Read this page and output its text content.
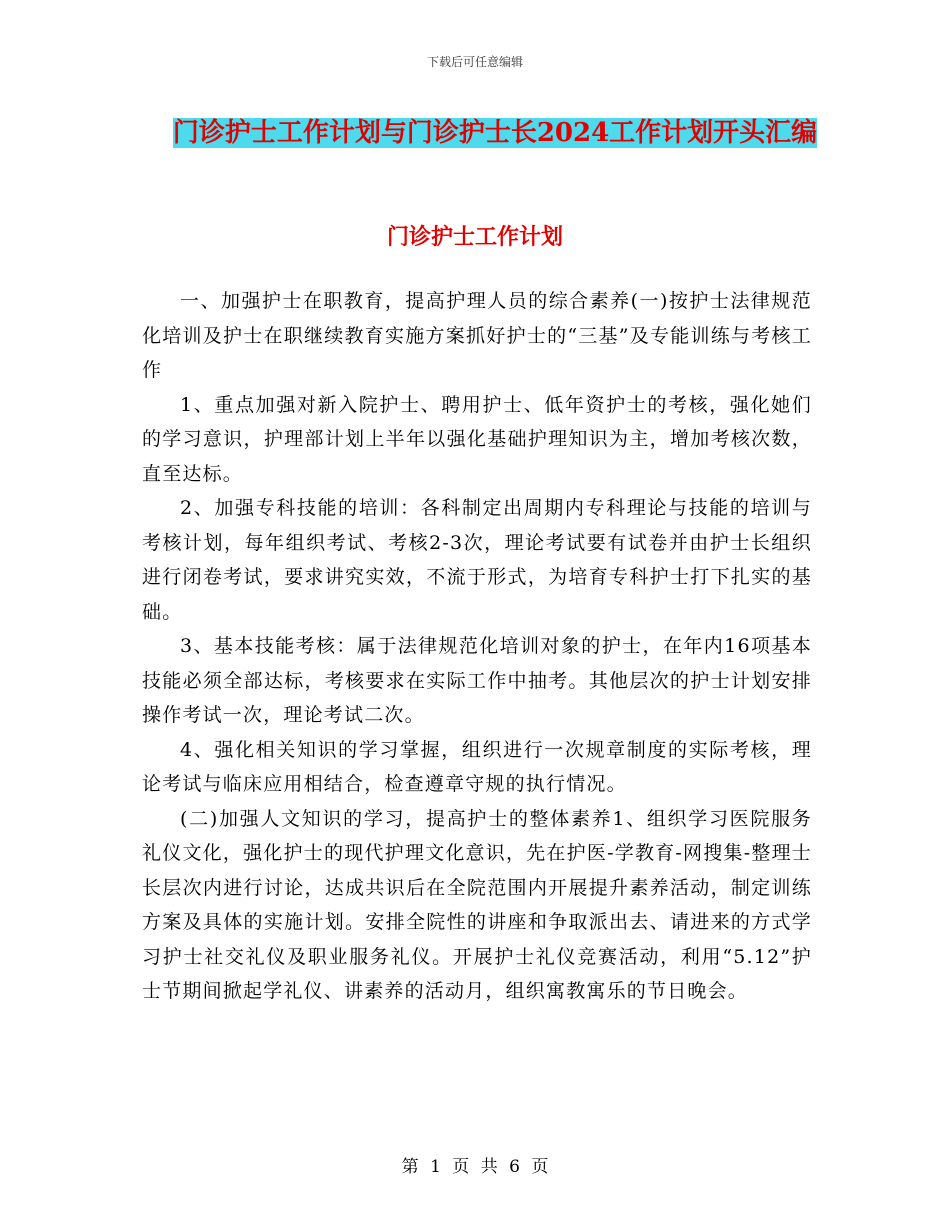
下载后可任意编辑
门诊护士工作计划与门诊护士长2024工作计划开头汇编
门诊护士工作计划

一、加强护士在职教育，提高护理人员的综合素养(一)按护士法律规范化培训及护士在职继续教育实施方案抓好护士的“三基”及专能训练与考核工作

1、重点加强对新入院护士、聘用护士、低年资护士的考核，强化她们的学习意识，护理部计划上半年以强化基础护理知识为主，增加考核次数，直至达标。

2、加强专科技能的培训：各科制定出周期内专科理论与技能的培训与考核计划，每年组织考试、考核2-3次，理论考试要有试卷并由护士长组织进行闭卷考试，要求讲究实效，不流于形式，为培育专科护士打下扎实的基础。

3、基本技能考核：属于法律规范化培训对象的护士，在年内16项基本技能必须全部达标，考核要求在实际工作中抽考。其他层次的护士计划安排操作考试一次，理论考试二次。

4、强化相关知识的学习掌握，组织进行一次规章制度的实际考核，理论考试与临床应用相结合，检查遵章守规的执行情况。

(二)加强人文知识的学习，提高护士的整体素养1、组织学习医院服务礼仪文化，强化护士的现代护理文化意识，先在护医-学教育-网搜集-整理士长层次内进行讨论，达成共识后在全院范围内开展提升素养活动，制定训练方案及具体的实施计划。安排全院性的讲座和争取派出去、请进来的方式学习护士社交礼仪及职业服务礼仪。开展护士礼仪竞赛活动，利用“5.12”护士节期间掀起学礼仪、讲素养的活动月，组织寓教寓乐的节日晚会。

第 1 页 共 6 页
